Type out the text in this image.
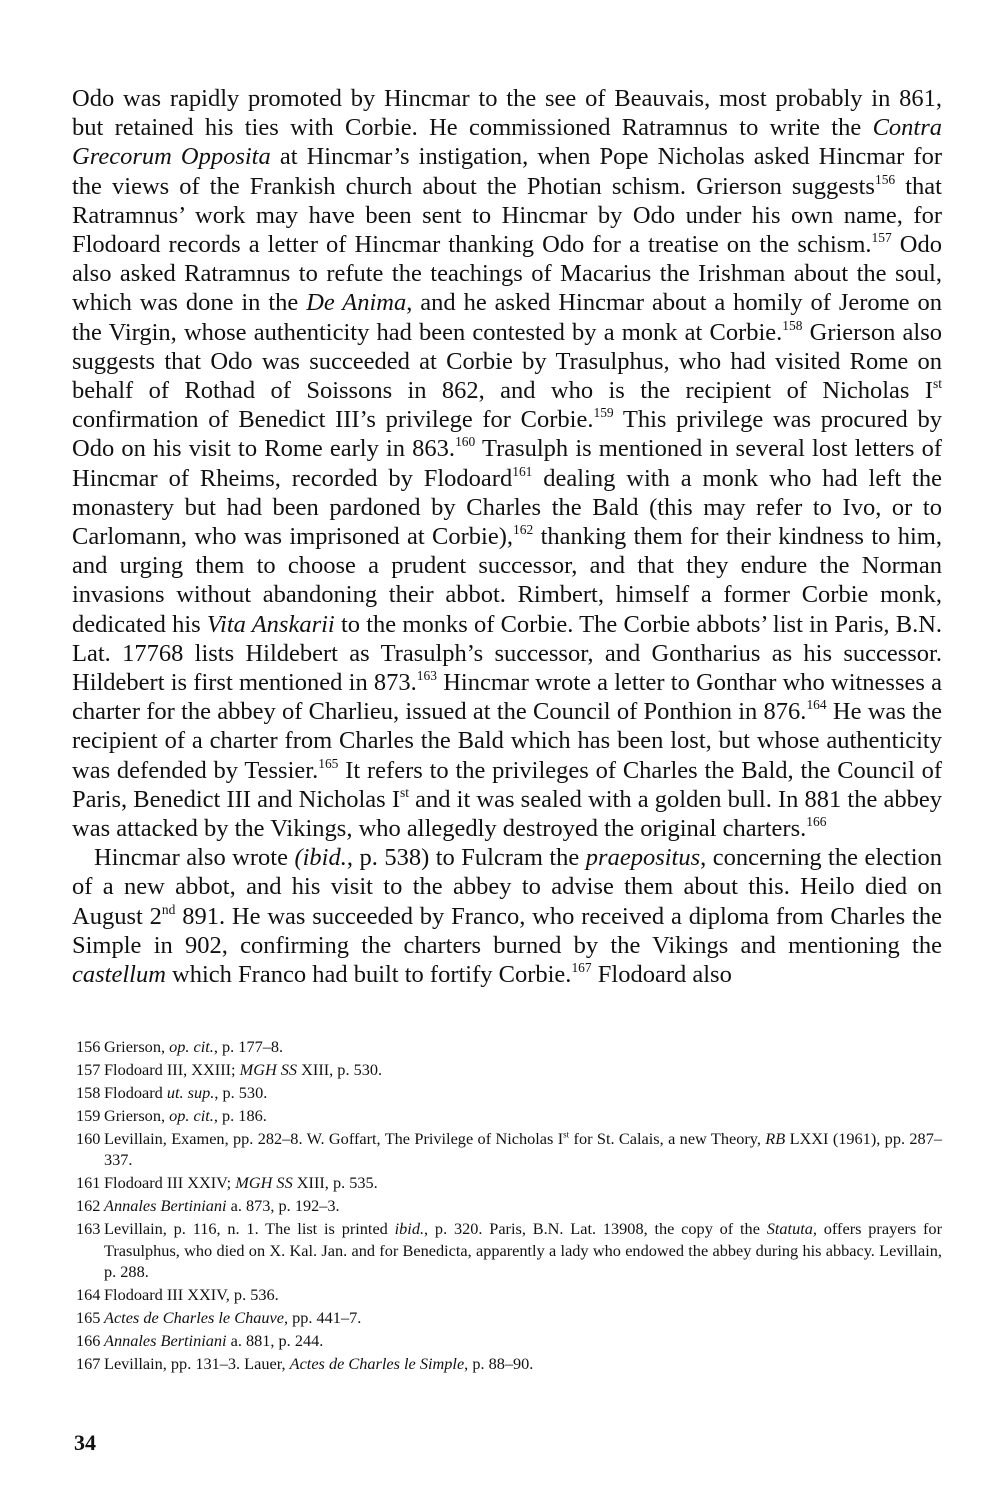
Odo was rapidly promoted by Hincmar to the see of Beauvais, most probably in 861, but retained his ties with Corbie. He commissioned Ratramnus to write the Contra Grecorum Opposita at Hincmar’s instigation, when Pope Nicholas asked Hincmar for the views of the Frankish church about the Photian schism. Grierson suggests$^{156}$ that Ratramnus’ work may have been sent to Hincmar by Odo under his own name, for Flodoard records a letter of Hincmar thanking Odo for a treatise on the schism.$^{157}$ Odo also asked Ratramnus to refute the teachings of Macarius the Irishman about the soul, which was done in the De Anima, and he asked Hincmar about a homily of Jerome on the Virgin, whose authenticity had been contested by a monk at Corbie.$^{158}$ Grierson also suggests that Odo was succeeded at Corbie by Trasulphus, who had visited Rome on behalf of Rothad of Soissons in 862, and who is the recipient of Nicholas Ist confirmation of Benedict III’s privilege for Corbie.$^{159}$ This privilege was procured by Odo on his visit to Rome early in 863.$^{160}$ Trasulph is mentioned in several lost letters of Hincmar of Rheims, recorded by Flodoard$^{161}$ dealing with a monk who had left the monastery but had been pardoned by Charles the Bald (this may refer to Ivo, or to Carlomann, who was imprisoned at Corbie),$^{162}$ thanking them for their kindness to him, and urging them to choose a prudent successor, and that they endure the Norman invasions without abandoning their abbot. Rimbert, himself a former Corbie monk, dedicated his Vita Anskarii to the monks of Corbie. The Corbie abbots’ list in Paris, B.N. Lat. 17768 lists Hildebert as Trasulph’s successor, and Gontharius as his successor. Hildebert is first mentioned in 873.$^{163}$ Hincmar wrote a letter to Gonthar who witnesses a charter for the abbey of Charlieu, issued at the Council of Ponthion in 876.$^{164}$ He was the recipient of a charter from Charles the Bald which has been lost, but whose authenticity was defended by Tessier.$^{165}$ It refers to the privileges of Charles the Bald, the Council of Paris, Benedict III and Nicholas Ist and it was sealed with a golden bull. In 881 the abbey was attacked by the Vikings, who allegedly destroyed the original charters.$^{166}$

Hincmar also wrote (ibid., p. 538) to Fulcram the praepositus, concerning the election of a new abbot, and his visit to the abbey to advise them about this. Heilo died on August 2nd 891. He was succeeded by Franco, who received a diploma from Charles the Simple in 902, confirming the charters burned by the Vikings and mentioning the castellum which Franco had built to fortify Corbie.$^{167}$ Flodoard also

156 Grierson, op. cit., p. 177–8.
157 Flodoard III, XXIII; MGH SS XIII, p. 530.
158 Flodoard ut. sup., p. 530.
159 Grierson, op. cit., p. 186.
160 Levillain, Examen, pp. 282–8. W. Goffart, The Privilege of Nicholas Ist for St. Calais, a new Theory, RB LXXI (1961), pp. 287–337.
161 Flodoard III XXIV; MGH SS XIII, p. 535.
162 Annales Bertiniani a. 873, p. 192–3.
163 Levillain, p. 116, n. 1. The list is printed ibid., p. 320. Paris, B.N. Lat. 13908, the copy of the Statuta, offers prayers for Trasulphus, who died on X. Kal. Jan. and for Benedicta, apparently a lady who endowed the abbey during his abbacy. Levillain, p. 288.
164 Flodoard III XXIV, p. 536.
165 Actes de Charles le Chauve, pp. 441–7.
166 Annales Bertiniani a. 881, p. 244.
167 Levillain, pp. 131–3. Lauer, Actes de Charles le Simple, p. 88–90.
34
